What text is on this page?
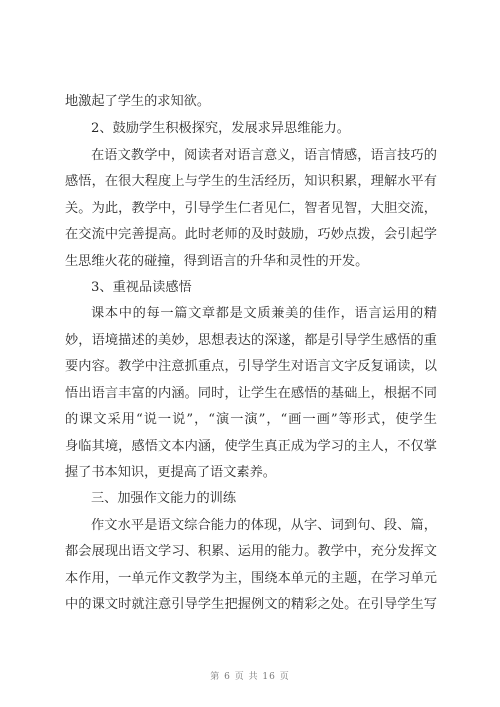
地激起了学生的求知欲。
2、鼓励学生积极探究，发展求异思维能力。
在语文教学中，阅读者对语言意义，语言情感，语言技巧的
感悟，在很大程度上与学生的生活经历，知识积累，理解水平有
关。为此，教学中，引导学生仁者见仁，智者见智，大胆交流，
在交流中完善提高。此时老师的及时鼓励，巧妙点拨，会引起学
生思维火花的碰撞，得到语言的升华和灵性的开发。
3、重视品读感悟
课本中的每一篇文章都是文质兼美的佳作，语言运用的精
妙，语境描述的美妙，思想表达的深遂，都是引导学生感悟的重
要内容。教学中注意抓重点，引导学生对语言文字反复诵读，以
悟出语言丰富的内涵。同时，让学生在感悟的基础上，根据不同
的课文采用“说一说”，“演一演”，“画一画”等形式，使学生
身临其境，感悟文本内涵，使学生真正成为学习的主人，不仅掌
握了书本知识，更提高了语文素养。
三、加强作文能力的训练
作文水平是语文综合能力的体现，从字、词到句、段、篇，
都会展现出语文学习、积累、运用的能力。教学中，充分发挥文
本作用，一单元作文教学为主，围绕本单元的主题，在学习单元
中的课文时就注意引导学生把握例文的精彩之处。在引导学生写
第 6 页 共 16 页
